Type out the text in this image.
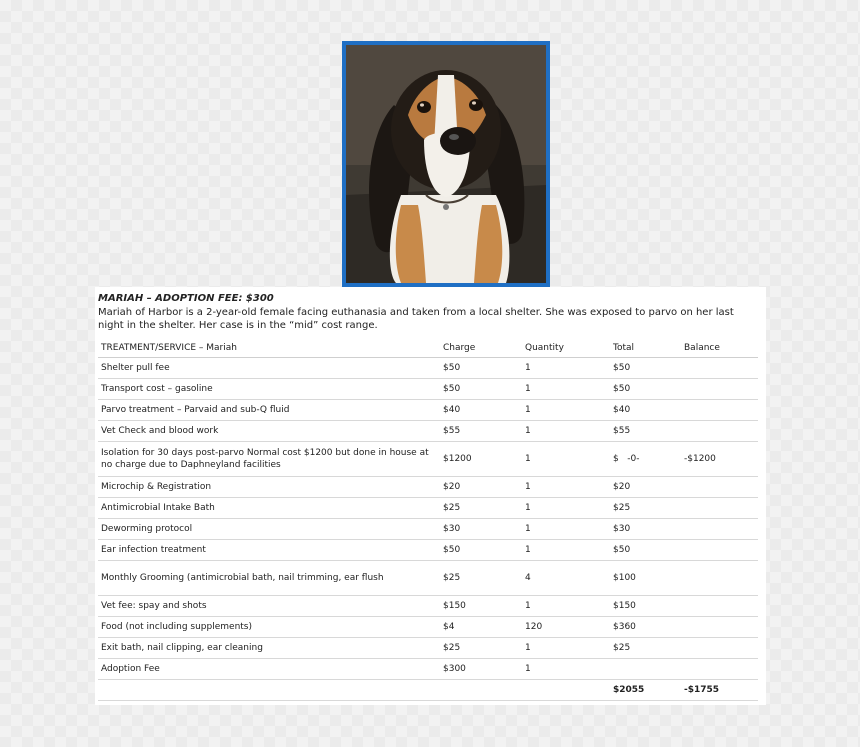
MARIAH – ADOPTION FEE: $300

Mariah of Harbor is a 2-year-old female facing euthanasia and taken from a local shelter. She was exposed to parvo on her last night in the shelter. Her case is in the “mid” cost range.

TREATMENT/SERVICE – Mariah	Charge	Quantity	Total	Balance
Shelter pull fee	$50	1	$50	
Transport cost – gasoline	$50	1	$50	
Parvo treatment – Parvaid and sub-Q fluid	$40	1	$40	
Vet Check and blood work	$55	1	$55	
Isolation for 30 days post-parvo Normal cost $1200 but done in house at no charge due to Daphneyland facilities	$1200	1	$   -0-	-$1200
Microchip & Registration	$20	1	$20	
Antimicrobial Intake Bath	$25	1	$25	
Deworming protocol	$30	1	$30	
Ear infection treatment	$50	1	$50	
Monthly Grooming (antimicrobial bath, nail trimming, ear flush	$25	4	$100	
Vet fee: spay and shots	$150	1	$150	
Food (not including supplements)	$4	120	$360	
Exit bath, nail clipping, ear cleaning	$25	1	$25	
Adoption Fee	$300	1		
			$2055	-$1755
